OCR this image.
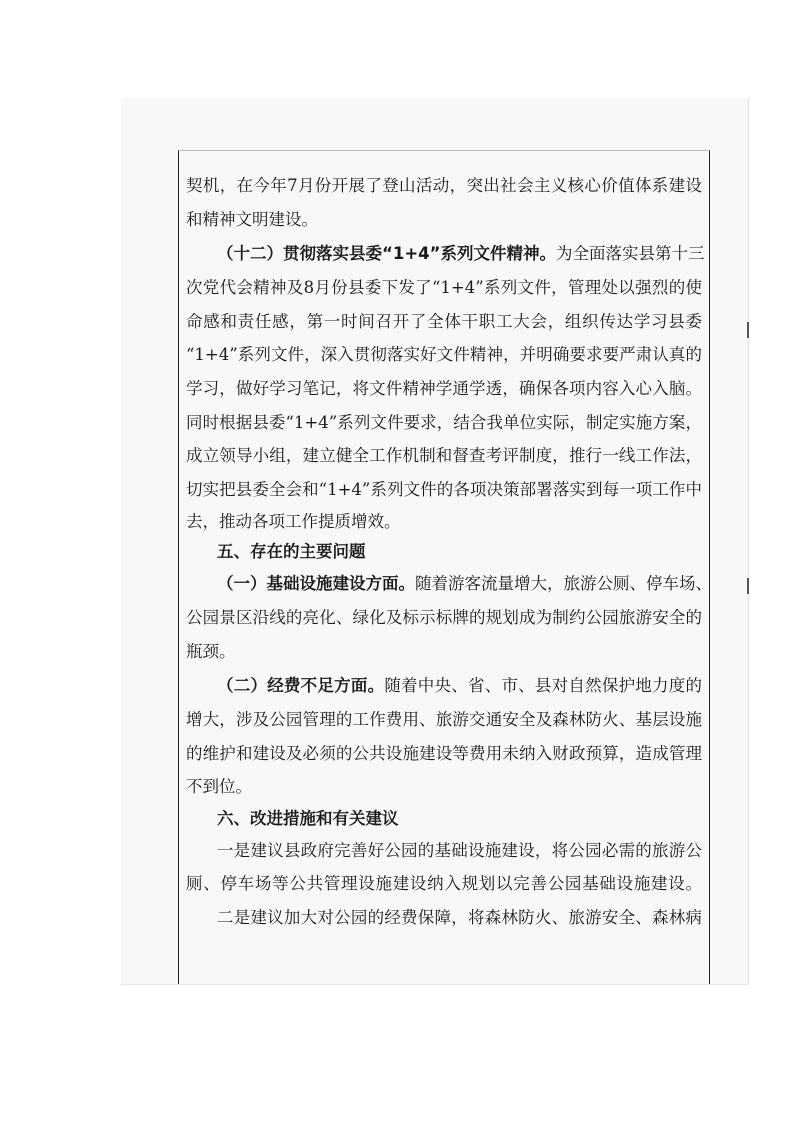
契机，在今年7月份开展了登山活动，突出社会主义核心价值体系建设
和精神文明建设。
（十二）贯彻落实县委“1+4”系列文件精神。为全面落实县第十三
次党代会精神及8月份县委下发了“1+4”系列文件，管理处以强烈的使
命感和责任感，第一时间召开了全体干职工大会，组织传达学习县委
“1+4”系列文件，深入贯彻落实好文件精神，并明确要求要严肃认真的
学习，做好学习笔记，将文件精神学通学透，确保各项内容入心入脑。
同时根据县委“1+4”系列文件要求，结合我单位实际，制定实施方案，
成立领导小组，建立健全工作机制和督查考评制度，推行一线工作法，
切实把县委全会和“1+4”系列文件的各项决策部署落实到每一项工作中
去，推动各项工作提质增效。
五、存在的主要问题
（一）基础设施建设方面。随着游客流量增大，旅游公厕、停车场、
公园景区沿线的亮化、绿化及标示标牌的规划成为制约公园旅游安全的
瓶颈。
（二）经费不足方面。随着中央、省、市、县对自然保护地力度的
增大，涉及公园管理的工作费用、旅游交通安全及森林防火、基层设施
的维护和建设及必须的公共设施建设等费用未纳入财政预算，造成管理
不到位。
六、改进措施和有关建议
一是建议县政府完善好公园的基础设施建设，将公园必需的旅游公
厕、停车场等公共管理设施建设纳入规划以完善公园基础设施建设。
二是建议加大对公园的经费保障，将森林防火、旅游安全、森林病
